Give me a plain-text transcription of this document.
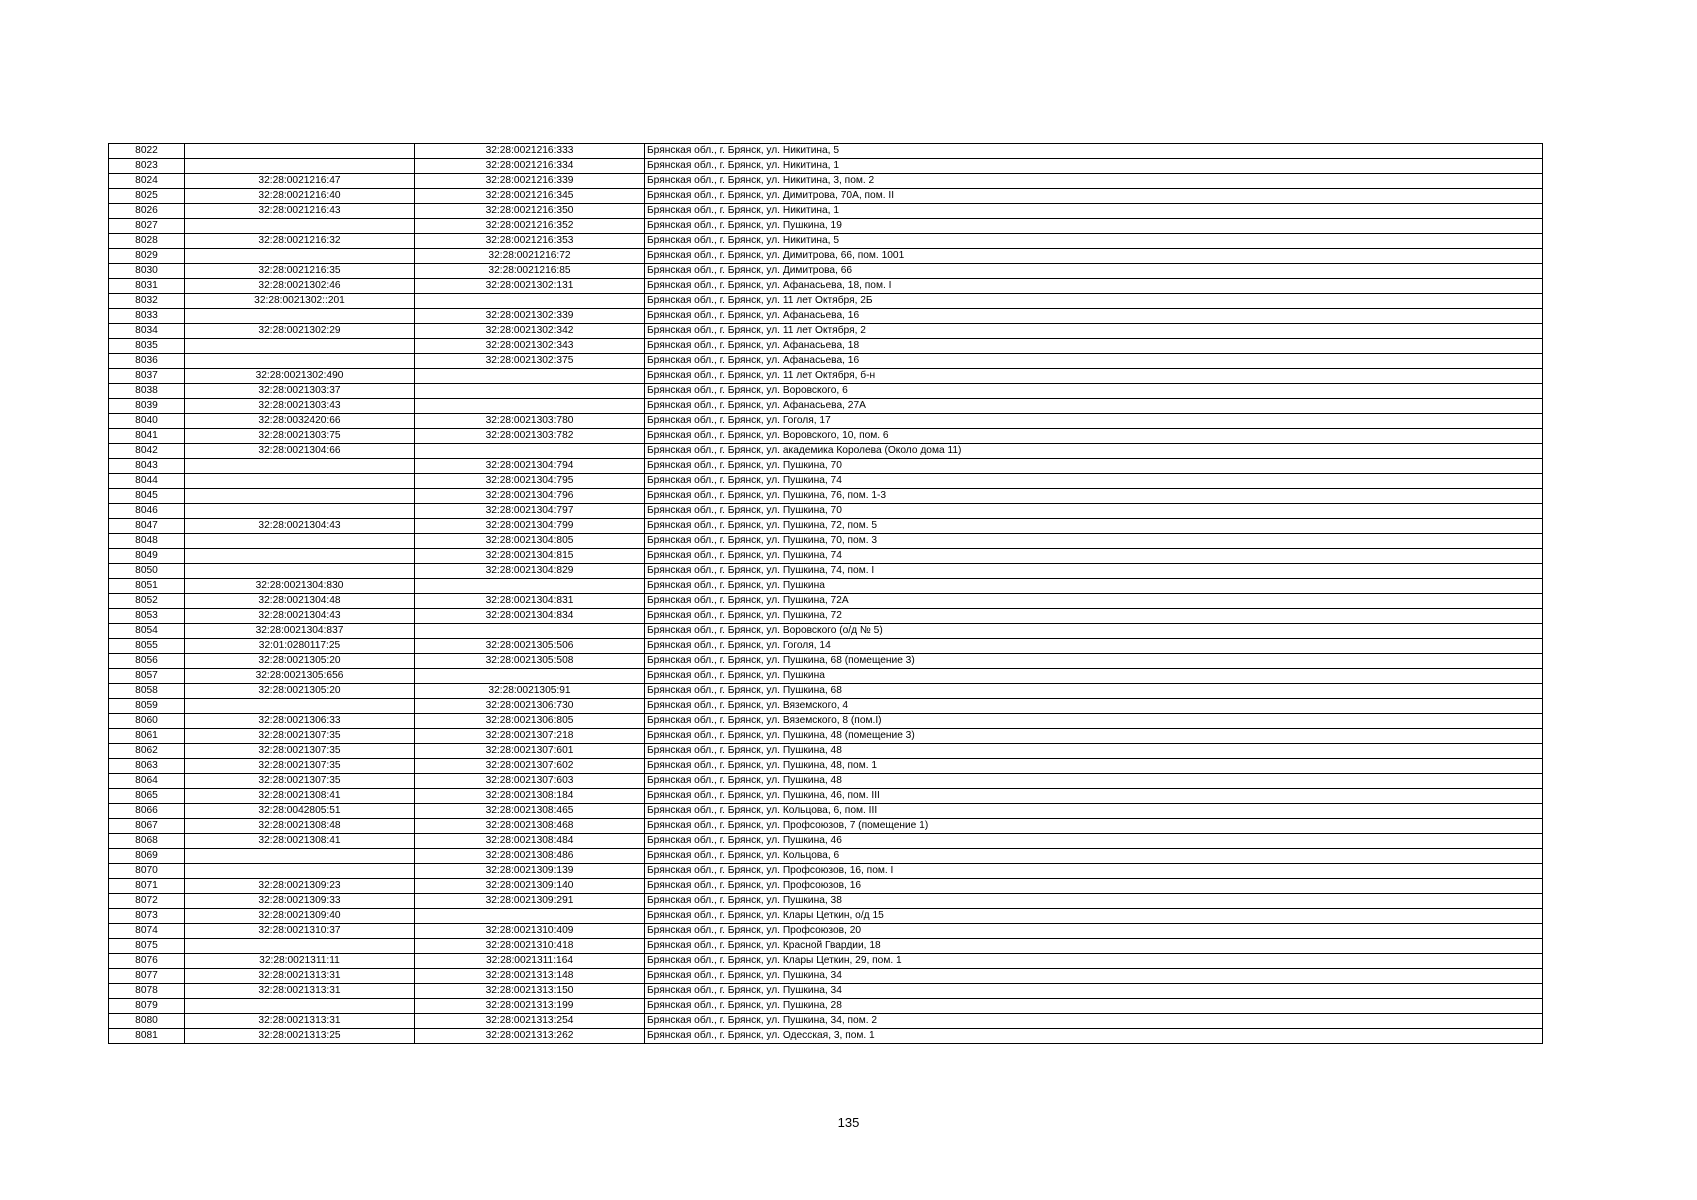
8022		32:28:0021216:333	Брянская обл., г. Брянск, ул. Никитина, 5
8023		32:28:0021216:334	Брянская обл., г. Брянск, ул. Никитина, 1
8024	32:28:0021216:47	32:28:0021216:339	Брянская обл., г. Брянск, ул. Никитина, 3, пом. 2
8025	32:28:0021216:40	32:28:0021216:345	Брянская обл., г. Брянск, ул. Димитрова, 70А, пом. II
8026	32:28:0021216:43	32:28:0021216:350	Брянская обл., г. Брянск, ул. Никитина, 1
8027		32:28:0021216:352	Брянская обл., г. Брянск, ул. Пушкина, 19
8028	32:28:0021216:32	32:28:0021216:353	Брянская обл., г. Брянск, ул. Никитина, 5
8029		32:28:0021216:72	Брянская обл., г. Брянск, ул. Димитрова, 66, пом. 1001
8030	32:28:0021216:35	32:28:0021216:85	Брянская обл., г. Брянск, ул. Димитрова, 66
8031	32:28:0021302:46	32:28:0021302:131	Брянская обл., г. Брянск, ул. Афанасьева, 18, пом. I
8032	32:28:0021302::201		Брянская обл., г. Брянск, ул. 11 лет Октября, 2Б
8033		32:28:0021302:339	Брянская обл., г. Брянск, ул. Афанасьева, 16
8034	32:28:0021302:29	32:28:0021302:342	Брянская обл., г. Брянск, ул. 11 лет Октября, 2
8035		32:28:0021302:343	Брянская обл., г. Брянск, ул. Афанасьева, 18
8036		32:28:0021302:375	Брянская обл., г. Брянск, ул. Афанасьева, 16
8037	32:28:0021302:490		Брянская обл., г. Брянск, ул. 11 лет Октября, б-н
8038	32:28:0021303:37		Брянская обл., г. Брянск, ул. Воровского, 6
8039	32:28:0021303:43		Брянская обл., г. Брянск, ул. Афанасьева, 27А
8040	32:28:0032420:66	32:28:0021303:780	Брянская обл., г. Брянск, ул. Гоголя, 17
8041	32:28:0021303:75	32:28:0021303:782	Брянская обл., г. Брянск, ул. Воровского, 10, пом. 6
8042	32:28:0021304:66		Брянская обл., г. Брянск, ул. академика Королева (Около дома 11)
8043		32:28:0021304:794	Брянская обл., г. Брянск, ул. Пушкина, 70
8044		32:28:0021304:795	Брянская обл., г. Брянск, ул. Пушкина, 74
8045		32:28:0021304:796	Брянская обл., г. Брянск, ул. Пушкина, 76, пом. 1-3
8046		32:28:0021304:797	Брянская обл., г. Брянск, ул. Пушкина, 70
8047	32:28:0021304:43	32:28:0021304:799	Брянская обл., г. Брянск, ул. Пушкина, 72, пом. 5
8048		32:28:0021304:805	Брянская обл., г. Брянск, ул. Пушкина, 70, пом. 3
8049		32:28:0021304:815	Брянская обл., г. Брянск, ул. Пушкина, 74
8050		32:28:0021304:829	Брянская обл., г. Брянск, ул. Пушкина, 74, пом. I
8051	32:28:0021304:830		Брянская обл., г. Брянск, ул. Пушкина
8052	32:28:0021304:48	32:28:0021304:831	Брянская обл., г. Брянск, ул. Пушкина, 72А
8053	32:28:0021304:43	32:28:0021304:834	Брянская обл., г. Брянск, ул. Пушкина, 72
8054	32:28:0021304:837		Брянская обл., г. Брянск, ул. Воровского (о/д № 5)
8055	32:01:0280117:25	32:28:0021305:506	Брянская обл., г. Брянск, ул. Гоголя, 14
8056	32:28:0021305:20	32:28:0021305:508	Брянская обл., г. Брянск, ул. Пушкина, 68 (помещение 3)
8057	32:28:0021305:656		Брянская обл., г. Брянск, ул. Пушкина
8058	32:28:0021305:20	32:28:0021305:91	Брянская обл., г. Брянск, ул. Пушкина, 68
8059		32:28:0021306:730	Брянская обл., г. Брянск, ул. Вяземского, 4
8060	32:28:0021306:33	32:28:0021306:805	Брянская обл., г. Брянск, ул. Вяземского, 8 (пом.I)
8061	32:28:0021307:35	32:28:0021307:218	Брянская обл., г. Брянск, ул. Пушкина, 48 (помещение 3)
8062	32:28:0021307:35	32:28:0021307:601	Брянская обл., г. Брянск, ул. Пушкина, 48
8063	32:28:0021307:35	32:28:0021307:602	Брянская обл., г. Брянск, ул. Пушкина, 48, пом. 1
8064	32:28:0021307:35	32:28:0021307:603	Брянская обл., г. Брянск, ул. Пушкина, 48
8065	32:28:0021308:41	32:28:0021308:184	Брянская обл., г. Брянск, ул. Пушкина, 46, пом. III
8066	32:28:0042805:51	32:28:0021308:465	Брянская обл., г. Брянск, ул. Кольцова, 6, пом. III
8067	32:28:0021308:48	32:28:0021308:468	Брянская обл., г. Брянск, ул. Профсоюзов, 7 (помещение 1)
8068	32:28:0021308:41	32:28:0021308:484	Брянская обл., г. Брянск, ул. Пушкина, 46
8069		32:28:0021308:486	Брянская обл., г. Брянск, ул. Кольцова, 6
8070		32:28:0021309:139	Брянская обл., г. Брянск, ул. Профсоюзов, 16, пом. I
8071	32:28:0021309:23	32:28:0021309:140	Брянская обл., г. Брянск, ул. Профсоюзов, 16
8072	32:28:0021309:33	32:28:0021309:291	Брянская обл., г. Брянск, ул. Пушкина, 38
8073	32:28:0021309:40		Брянская обл., г. Брянск, ул. Клары Цеткин, о/д 15
8074	32:28:0021310:37	32:28:0021310:409	Брянская обл., г. Брянск, ул. Профсоюзов, 20
8075		32:28:0021310:418	Брянская обл., г. Брянск, ул. Красной Гвардии, 18
8076	32:28:0021311:11	32:28:0021311:164	Брянская обл., г. Брянск, ул. Клары Цеткин, 29, пом. 1
8077	32:28:0021313:31	32:28:0021313:148	Брянская обл., г. Брянск, ул. Пушкина, 34
8078	32:28:0021313:31	32:28:0021313:150	Брянская обл., г. Брянск, ул. Пушкина, 34
8079		32:28:0021313:199	Брянская обл., г. Брянск, ул. Пушкина, 28
8080	32:28:0021313:31	32:28:0021313:254	Брянская обл., г. Брянск, ул. Пушкина, 34, пом. 2
8081	32:28:0021313:25	32:28:0021313:262	Брянская обл., г. Брянск, ул. Одесская, 3, пом. 1
135
